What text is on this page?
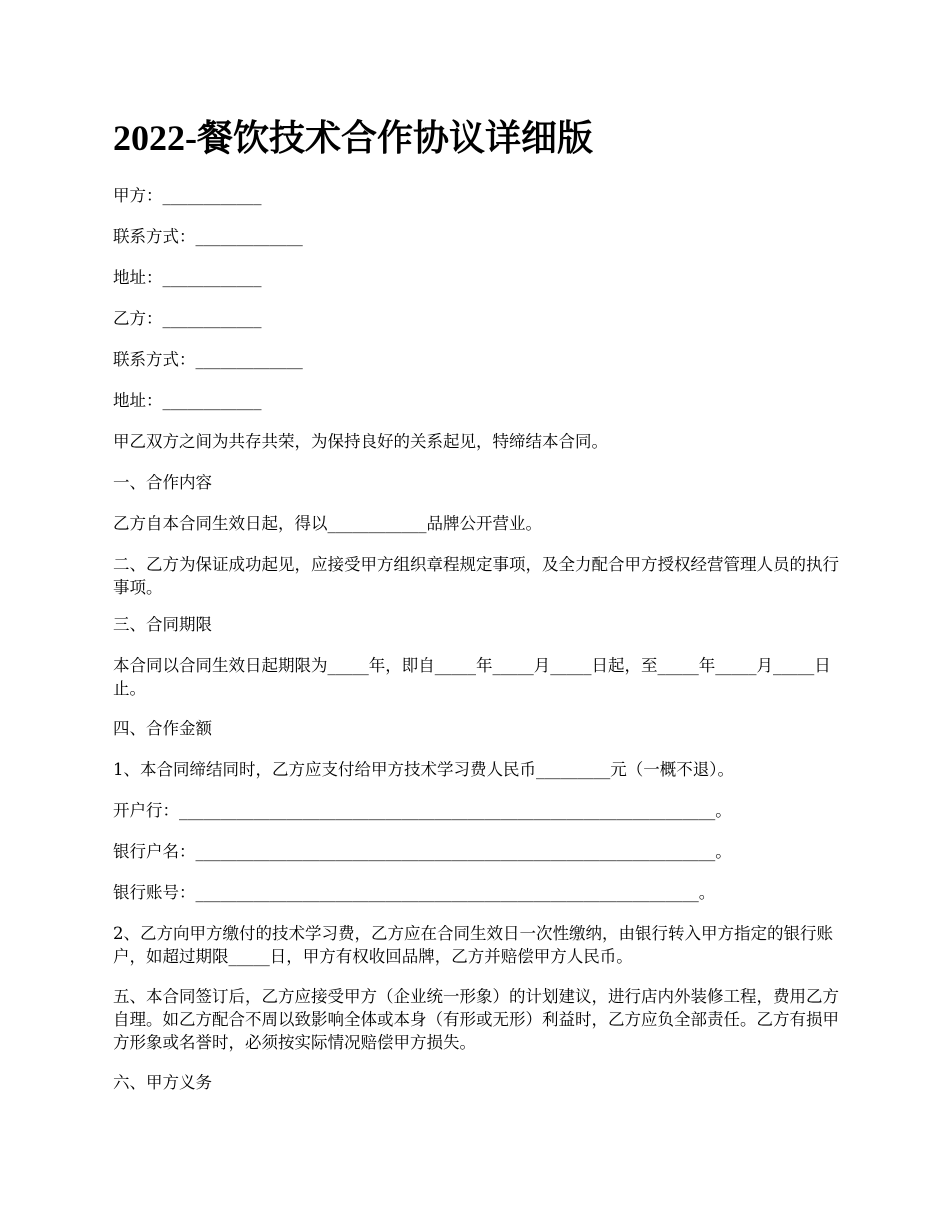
2022-餐饮技术合作协议详细版

甲方：____________

联系方式：_____________

地址：____________

乙方：____________

联系方式：_____________

地址：____________

甲乙双方之间为共存共荣，为保持良好的关系起见，特缔结本合同。

一、合作内容

乙方自本合同生效日起，得以____________品牌公开营业。

二、乙方为保证成功起见，应接受甲方组织章程规定事项，及全力配合甲方授权经营管理人员的执行事项。

三、合同期限

本合同以合同生效日起期限为_____年，即自_____年_____月_____日起，至_____年_____月_____日止。

四、合作金额

1、本合同缔结同时，乙方应支付给甲方技术学习费人民币_________元（一概不退）。

开户行：_________________________________________________________________。

银行户名：_______________________________________________________________。

银行账号：_____________________________________________________________。

2、乙方向甲方缴付的技术学习费，乙方应在合同生效日一次性缴纳，由银行转入甲方指定的银行账户，如超过期限_____日，甲方有权收回品牌，乙方并赔偿甲方人民币。

五、本合同签订后，乙方应接受甲方（企业统一形象）的计划建议，进行店内外装修工程，费用乙方自理。如乙方配合不周以致影响全体或本身（有形或无形）利益时，乙方应负全部责任。乙方有损甲方形象或名誉时，必须按实际情况赔偿甲方损失。

六、甲方义务
